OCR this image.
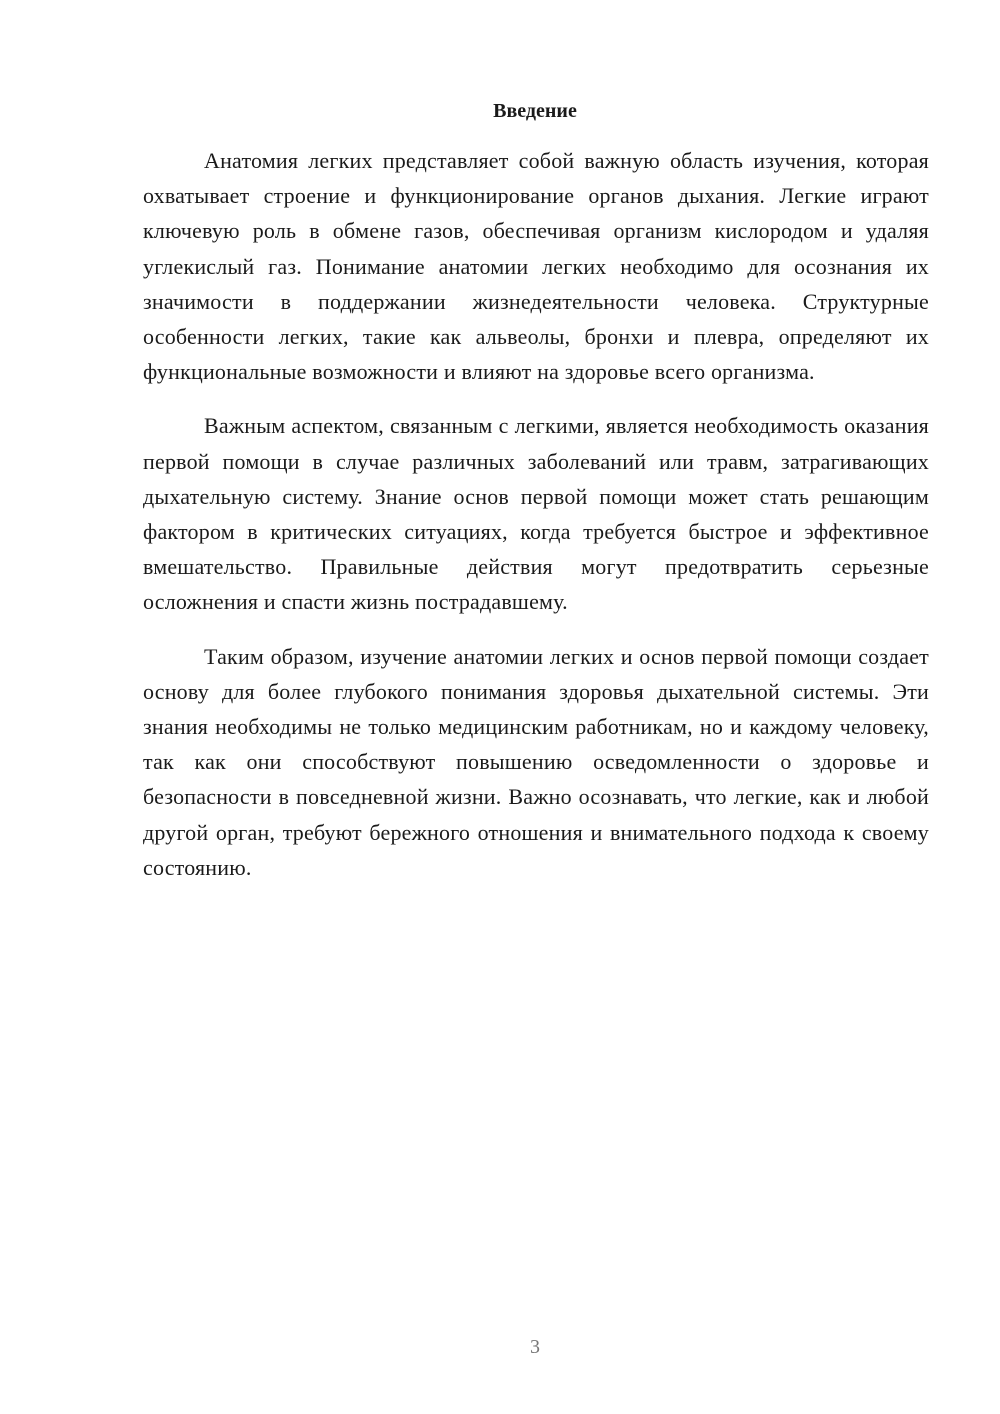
Введение

Анатомия легких представляет собой важную область изучения, которая охватывает строение и функционирование органов дыхания. Легкие играют ключевую роль в обмене газов, обеспечивая организм кислородом и удаляя углекислый газ. Понимание анатомии легких необходимо для осознания их значимости в поддержании жизнедеятельности человека. Структурные особенности легких, такие как альвеолы, бронхи и плевра, определяют их функциональные возможности и влияют на здоровье всего организма.

Важным аспектом, связанным с легкими, является необходимость оказания первой помощи в случае различных заболеваний или травм, затрагивающих дыхательную систему. Знание основ первой помощи может стать решающим фактором в критических ситуациях, когда требуется быстрое и эффективное вмешательство. Правильные действия могут предотвратить серьезные осложнения и спасти жизнь пострадавшему.

Таким образом, изучение анатомии легких и основ первой помощи создает основу для более глубокого понимания здоровья дыхательной системы. Эти знания необходимы не только медицинским работникам, но и каждому человеку, так как они способствуют повышению осведомленности о здоровье и безопасности в повседневной жизни. Важно осознавать, что легкие, как и любой другой орган, требуют бережного отношения и внимательного подхода к своему состоянию.

3
